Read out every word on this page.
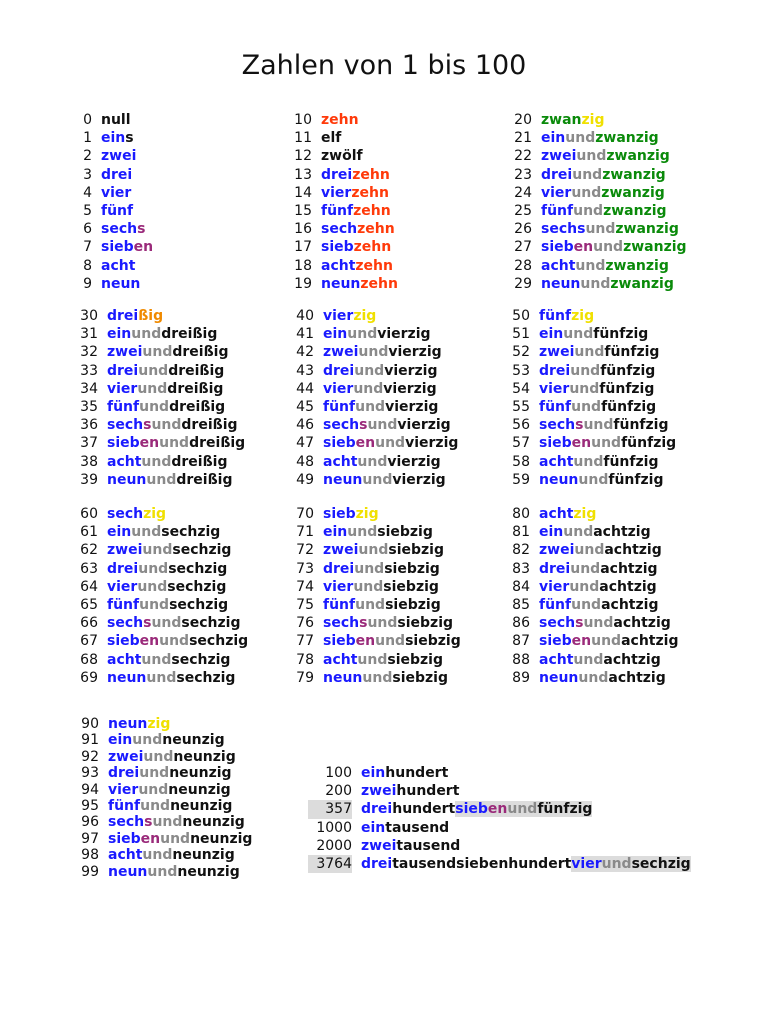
Zahlen von 1 bis 100
0 null
1 eins
2 zwei
3 drei
4 vier
5 fünf
6 sechs
7 sieben
8 acht
9 neun
10 zehn
11 elf
12 zwölf
13 dreizehn
14 vierzehn
15 fünfzehn
16 sechzehn
17 siebzehn
18 achtzehn
19 neunzehn
20 zwanzig
21 einundzwanzig
22 zweiundzwanzig
23 dreiundzwanzig
24 vierundzwanzig
25 fünfundzwanzig
26 sechsundzwanzig
27 siebenundzwanzig
28 achtundzwanzig
29 neunundzwanzig
30 dreißig
31 einunddreißig
32 zweiunddreißig
33 dreiunddreißig
34 vierunddreißig
35 fünfunddreißig
36 sechsunddreißig
37 siebenunddreißig
38 achtunddreißig
39 neununddreißig
40 vierzig
41 einundvierzig
42 zweiundvierzig
43 dreiundvierzig
44 vierundvierzig
45 fünfundvierzig
46 sechsundvierzig
47 siebenundvierzig
48 achtundvierzig
49 neunundvierzig
50 fünfzig
51 einundfünfzig
52 zweiundfünfzig
53 dreiundfünfzig
54 vierundfünfzig
55 fünfundfünfzig
56 sechsundfünfzig
57 siebenundfünfzig
58 achtundfünfzig
59 neunundfünfzig
60 sechzig
61 einundsechzig
62 zweiundsechzig
63 dreiundsechzig
64 vierundsechzig
65 fünfundsechzig
66 sechsundsechzig
67 siebenundsechzig
68 achtundsechzig
69 neunundsechzig
70 siebzig
71 einundsiebzig
72 zweiundsiebzig
73 dreiundsiebzig
74 vierundsiebzig
75 fünfundsiebzig
76 sechsundsiebzig
77 siebenundsiebzig
78 achtundsiebzig
79 neunundsiebzig
80 achtzig
81 einundachtzig
82 zweiundachtzig
83 dreiundachtzig
84 vierundachtzig
85 fünfundachtzig
86 sechsundachtzig
87 siebenundachtzig
88 achtundachtzig
89 neunundachtzig
90 neunzig
91 einundneunzig
92 zweiundneunzig
93 dreiundneunzig
94 vierundneunzig
95 fünfundneunzig
96 sechsundneunzig
97 siebenundneunzig
98 achtundneunzig
99 neunundneunzig
100 einhundert
200 zweihundert
357 dreihundertsiebenundfünfzig
1000 eintausend
2000 zweitausend
3764 dreitausendsiebenhundertvierundsechzig
